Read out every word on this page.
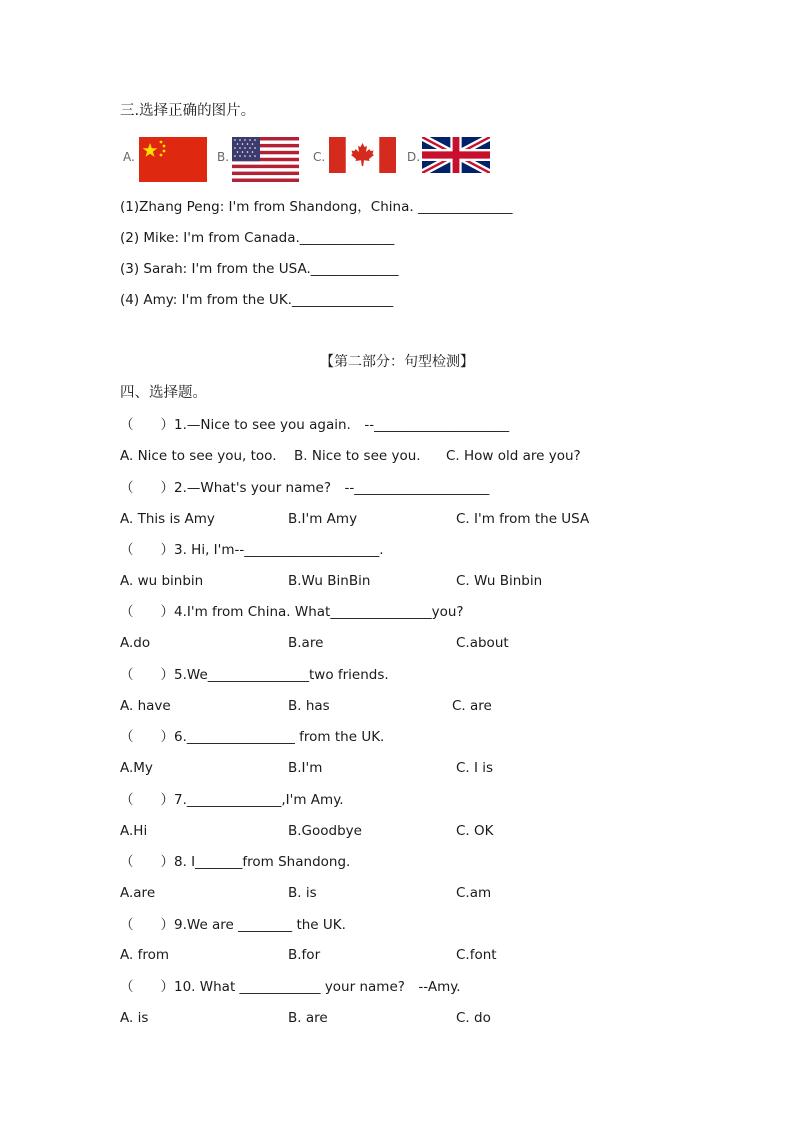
三.选择正确的图片。
A.	B.	C.	D.
(1)Zhang Peng: I'm from Shandong，China. ______________
(2) Mike: I'm from Canada.______________
(3) Sarah: I'm from the USA._____________
(4) Amy: I'm from the UK._______________
【第二部分：句型检测】
四、选择题。
（　　）1.—Nice to see you again.　--____________________
A. Nice to see you, too. B. Nice to see you. C. How old are you?
（　　）2.—What's your name?　--____________________
A. This is Amy	B.I'm Amy	C. I'm from the USA
（　　）3. Hi, I'm--____________________.
A. wu binbin	B.Wu BinBin	C. Wu Binbin
（　　）4.I'm from China. What_______________you?
A.do	B.are	C.about
（　　）5.We_______________two friends.
A. have	B. has	C. are
（　　）6.________________ from the UK.
A.My	B.I'm	C. I is
（　　）7.______________,I'm Amy.
A.Hi	B.Goodbye	C. OK
（　　）8. I_______from Shandong.
A.are	B. is	C.am
（　　）9.We are ________ the UK.
A. from	B.for	C.font
（　　）10. What ____________ your name?　--Amy.
A. is	B. are	C. do
